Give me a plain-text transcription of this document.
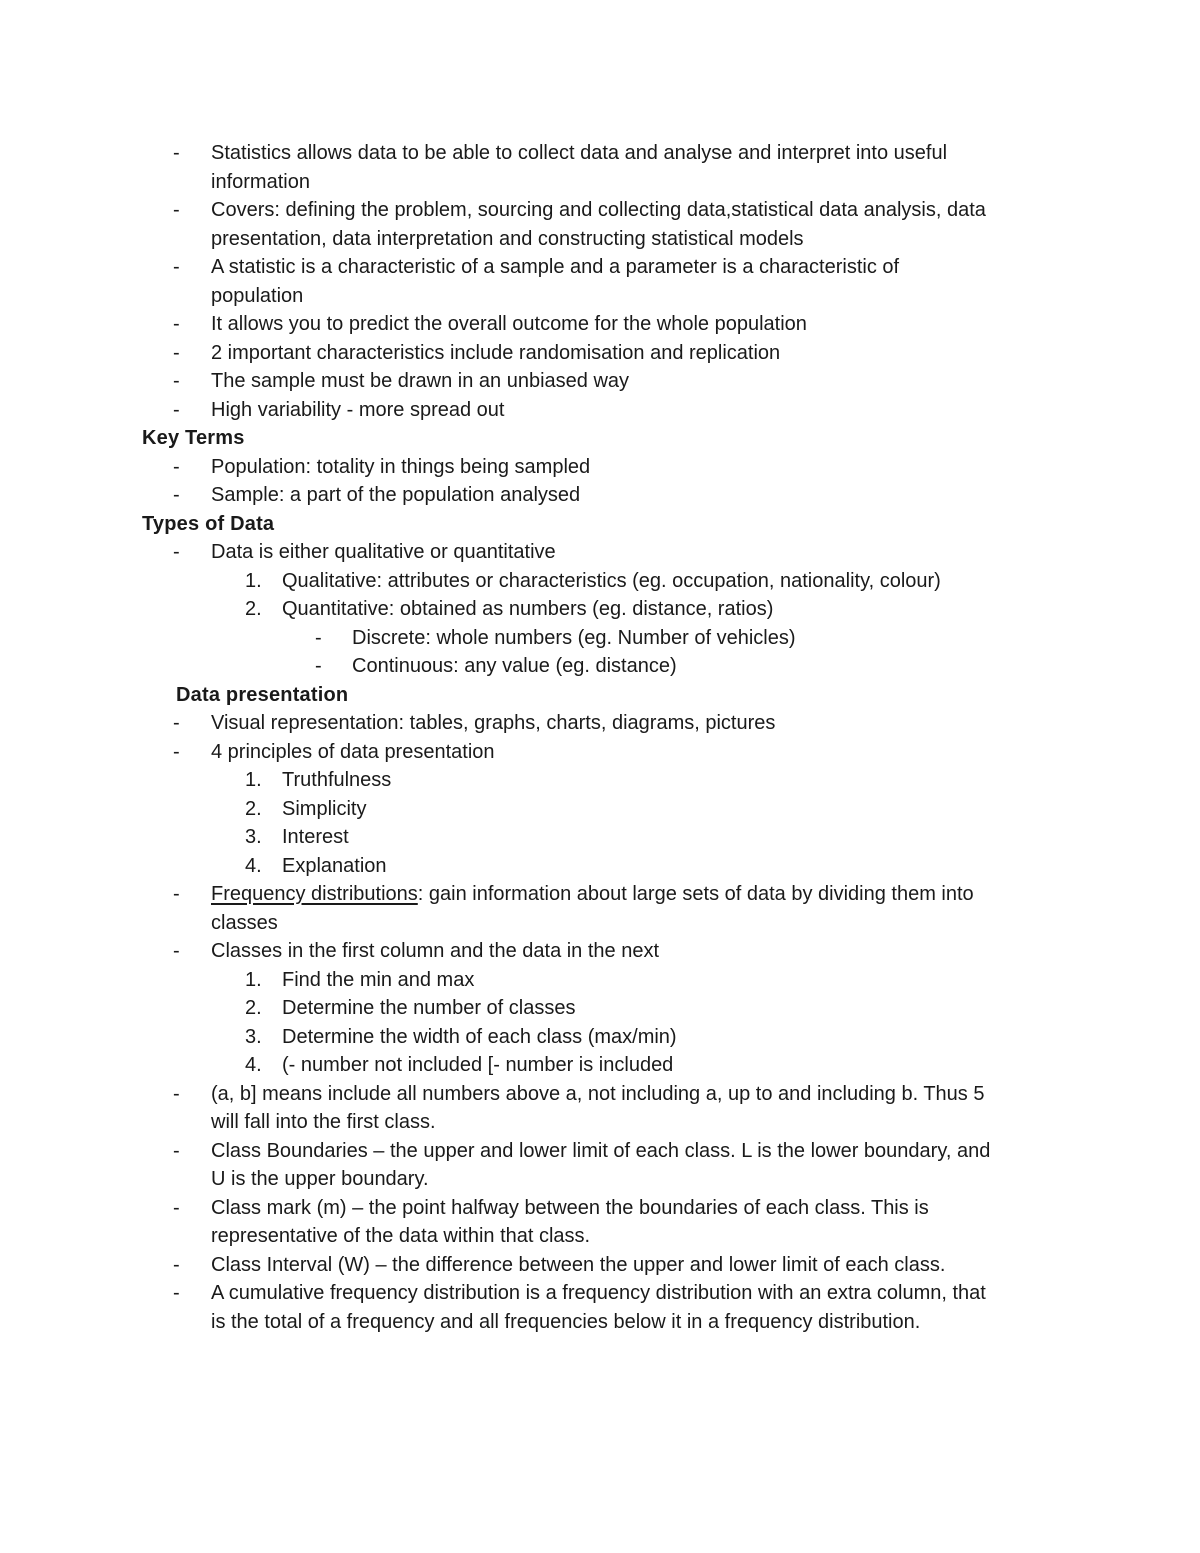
- Statistics allows data to be able to collect data and analyse and interpret into useful
information
- Covers: defining the problem, sourcing and collecting data,statistical data analysis, data
presentation, data interpretation and constructing statistical models
- A statistic is a characteristic of a sample and a parameter is a characteristic of
population
- It allows you to predict the overall outcome for the whole population
- 2 important characteristics include randomisation and replication
- The sample must be drawn in an unbiased way
- High variability - more spread out
Key Terms
- Population: totality in things being sampled
- Sample: a part of the population analysed
Types of Data
- Data is either qualitative or quantitative
1. Qualitative: attributes or characteristics (eg. occupation, nationality, colour)
2. Quantitative: obtained as numbers (eg. distance, ratios)
- Discrete: whole numbers (eg. Number of vehicles)
- Continuous: any value (eg. distance)
Data presentation
- Visual representation: tables, graphs, charts, diagrams, pictures
- 4 principles of data presentation
1. Truthfulness
2. Simplicity
3. Interest
4. Explanation
- Frequency distributions: gain information about large sets of data by dividing them into
classes
- Classes in the first column and the data in the next
1. Find the min and max
2. Determine the number of classes
3. Determine the width of each class (max/min)
4. (- number not included [- number is included
- (a, b] means include all numbers above a, not including a, up to and including b. Thus 5
will fall into the first class.
- Class Boundaries – the upper and lower limit of each class. L is the lower boundary, and
U is the upper boundary.
- Class mark (m) – the point halfway between the boundaries of each class. This is
representative of the data within that class.
- Class Interval (W) – the difference between the upper and lower limit of each class.
- A cumulative frequency distribution is a frequency distribution with an extra column, that
is the total of a frequency and all frequencies below it in a frequency distribution.
